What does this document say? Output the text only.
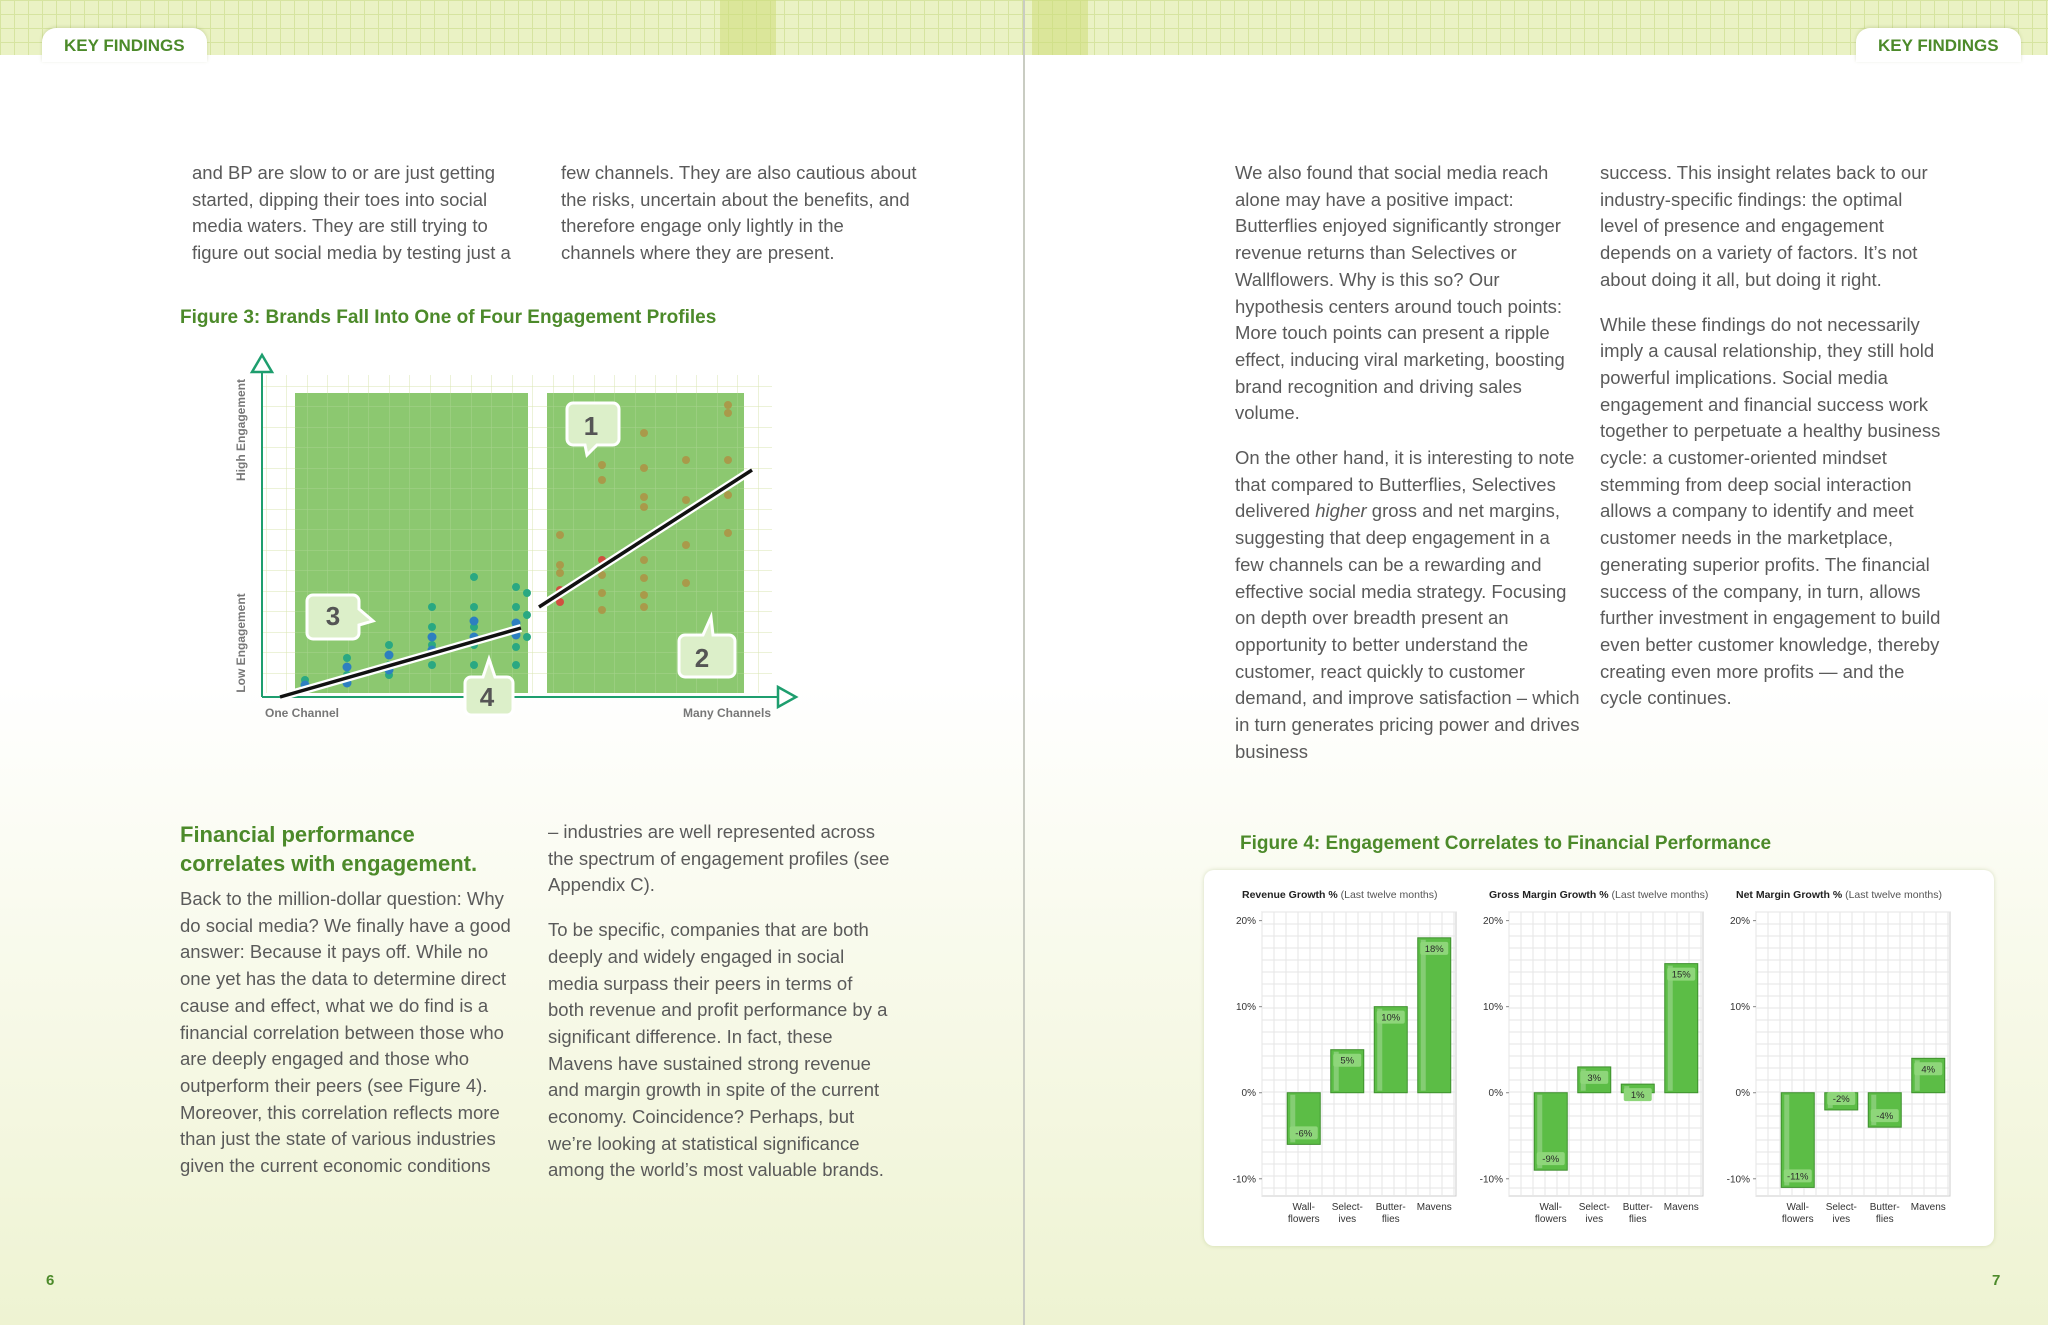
KEY FINDINGS
and BP are slow to or are just getting started, dipping their toes into social media waters. They are still trying to figure out social media by testing just a
few channels. They are also cautious about the risks, uncertain about the benefits, and therefore engage only lightly in the channels where they are present.
Figure 3: Brands Fall Into One of Four Engagement Profiles
1
2
3
4
High Engagement
Low Engagement
One Channel	Many Channels
Financial performance correlates with engagement.

Back to the million-dollar question: Why do social media? We finally have a good answer: Because it pays off. While no one yet has the data to determine direct cause and effect, what we do find is a financial correlation between those who are deeply engaged and those who outperform their peers (see Figure 4). Moreover, this correlation reflects more than just the state of various industries given the current economic conditions

– industries are well represented across the spectrum of engagement profiles (see Appendix C).

To be specific, companies that are both deeply and widely engaged in social media surpass their peers in terms of both revenue and profit performance by a significant difference. In fact, these Mavens have sustained strong revenue and margin growth in spite of the current economy. Coincidence? Perhaps, but we’re looking at statistical significance among the world’s most valuable brands.

6
KEY FINDINGS

We also found that social media reach alone may have a positive impact: Butterflies enjoyed significantly stronger revenue returns than Selectives or Wallflowers. Why is this so? Our hypothesis centers around touch points: More touch points can present a ripple effect, inducing viral marketing, boosting brand recognition and driving sales volume.

On the other hand, it is interesting to note that compared to Butterflies, Selectives delivered higher gross and net margins, suggesting that deep engagement in a few channels can be a rewarding and effective social media strategy. Focusing on depth over breadth present an opportunity to better understand the customer, react quickly to customer demand, and improve satisfaction – which in turn generates pricing power and drives business

success. This insight relates back to our industry-specific findings: the optimal level of presence and engagement depends on a variety of factors. It’s not about doing it all, but doing it right.

While these findings do not necessarily imply a causal relationship, they still hold powerful implications. Social media engagement and financial success work together to perpetuate a healthy business cycle: a customer-oriented mindset stemming from deep social interaction allows a company to identify and meet customer needs in the marketplace, generating superior profits. The financial success of the company, in turn, allows further investment in engagement to build even better customer knowledge, thereby creating even more profits — and the cycle continues.

Figure 4: Engagement Correlates to Financial Performance
Revenue Growth % (Last twelve months)
20%
10%
0%
-10%
-6%
Wall-
flowers
5%
Select-
ives
10%
Butter-
flies
18%
Mavens
Gross Margin Growth % (Last twelve months)
20%
10%
0%
-10%
-9%
Wall-
flowers
3%
Select-
ives
1%
Butter-
flies
15%
Mavens
Net Margin Growth % (Last twelve months)
20%
10%
0%
-10%	-11%
Wall-
flowers
-2%
Select-
ives
-4%
Butter-
flies
4%
Mavens
7
